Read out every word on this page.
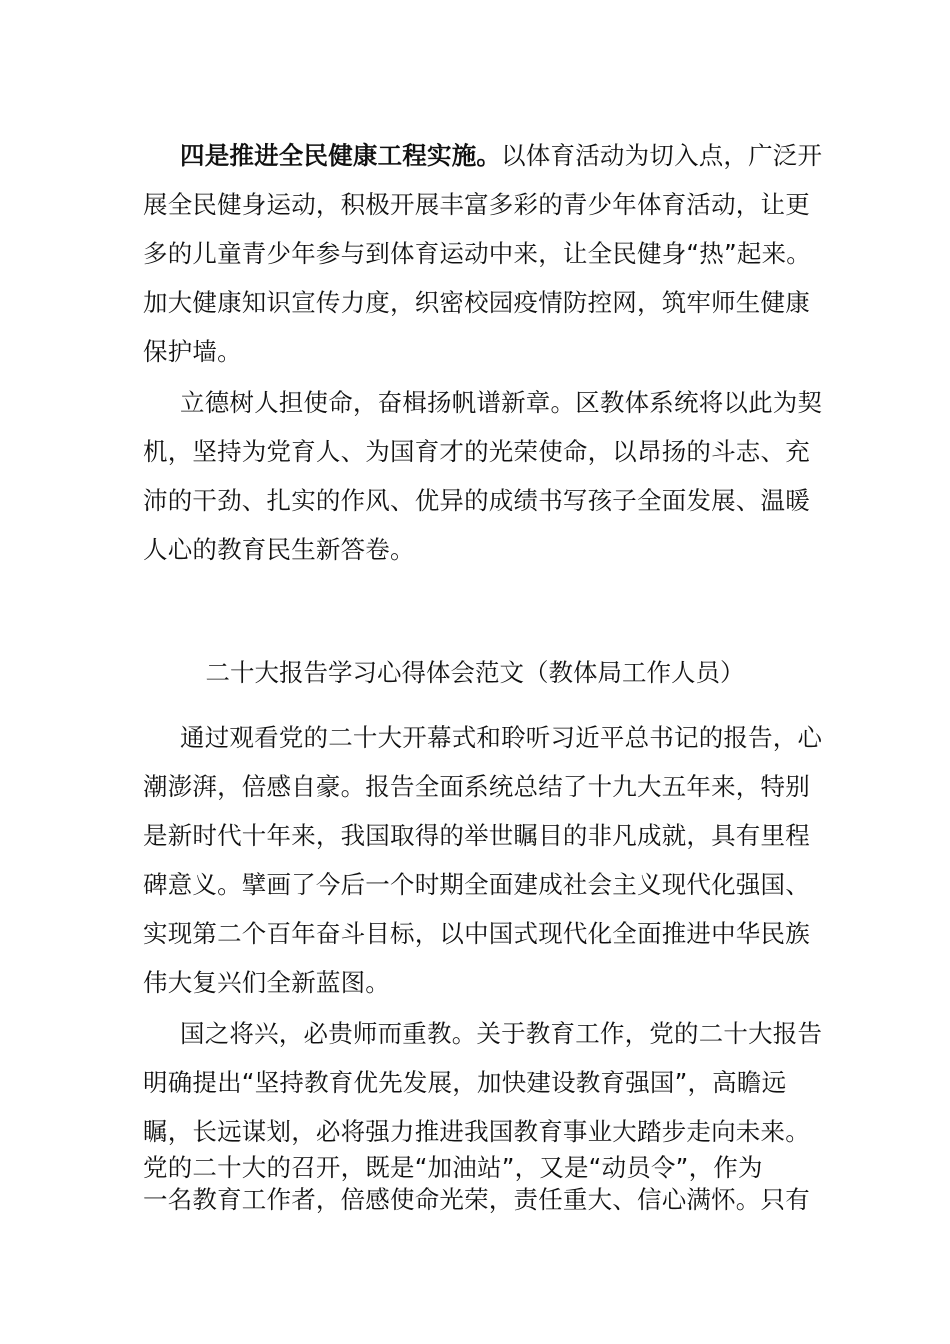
四是推进全民健康工程实施。以体育活动为切入点，广泛开
展全民健身运动，积极开展丰富多彩的青少年体育活动，让更
多的儿童青少年参与到体育运动中来，让全民健身“热”起来。
加大健康知识宣传力度，织密校园疫情防控网，筑牢师生健康
保护墙。
立德树人担使命，奋楫扬帆谱新章。区教体系统将以此为契
机，坚持为党育人、为国育才的光荣使命，以昂扬的斗志、充
沛的干劲、扎实的作风、优异的成绩书写孩子全面发展、温暖
人心的教育民生新答卷。
二十大报告学习心得体会范文（教体局工作人员）
通过观看党的二十大开幕式和聆听习近平总书记的报告，心
潮澎湃，倍感自豪。报告全面系统总结了十九大五年来，特别
是新时代十年来，我国取得的举世瞩目的非凡成就，具有里程
碑意义。擘画了今后一个时期全面建成社会主义现代化强国、
实现第二个百年奋斗目标，以中国式现代化全面推进中华民族
伟大复兴们全新蓝图。
国之将兴，必贵师而重教。关于教育工作，党的二十大报告
明确提出“坚持教育优先发展，加快建设教育强国”，高瞻远
瞩，长远谋划，必将强力推进我国教育事业大踏步走向未来。
党的二十大的召开，既是“加油站”，又是“动员令”，作为
一名教育工作者，倍感使命光荣，责任重大、信心满怀。只有
